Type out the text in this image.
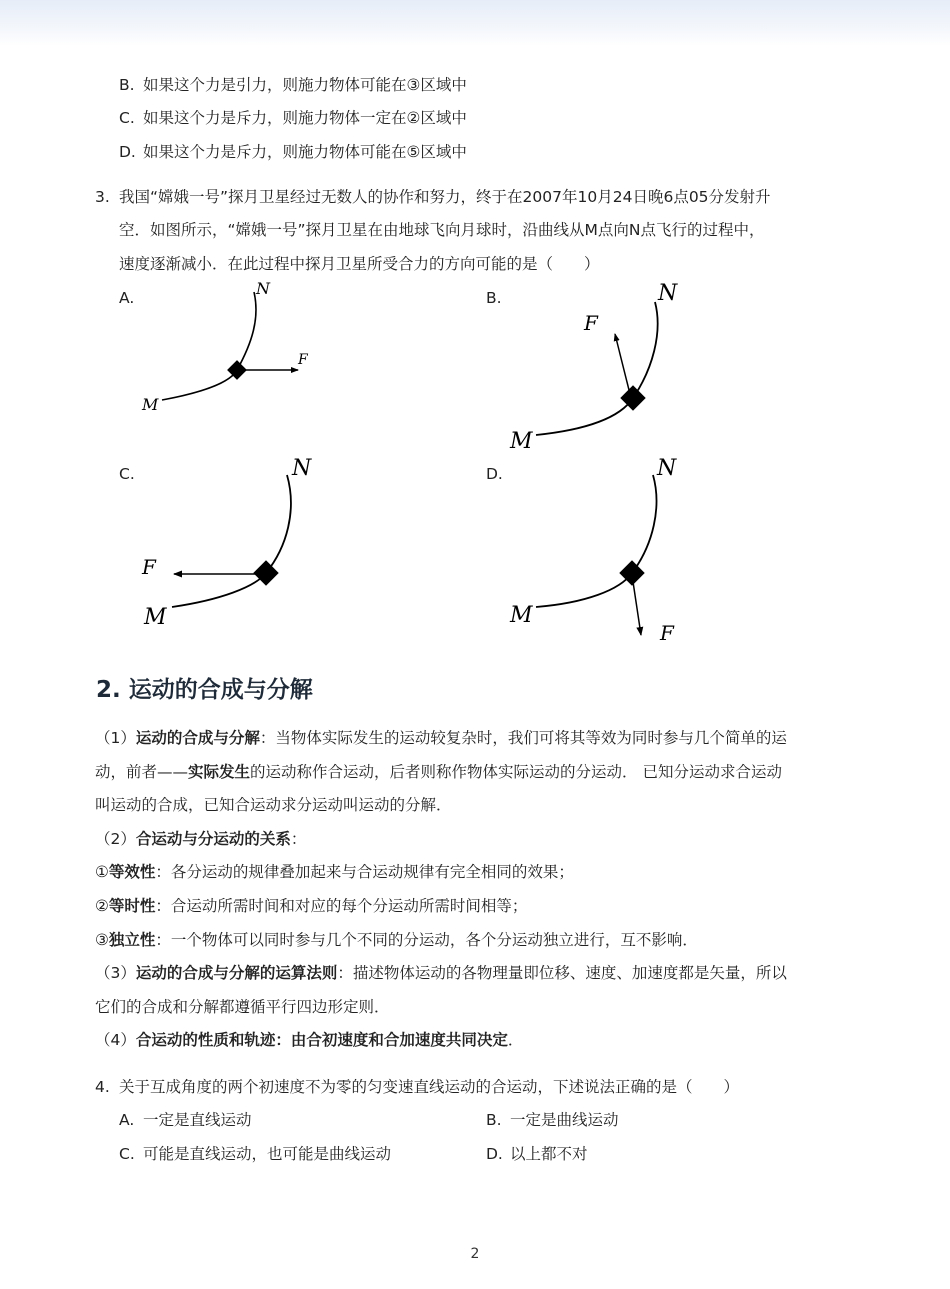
B. 如果这个力是引力，则施力物体可能在③区域中
C. 如果这个力是斥力，则施力物体一定在②区域中
D. 如果这个力是斥力，则施力物体可能在⑤区域中
3. 我国“嫦娥一号”探月卫星经过无数人的协作和努力，终于在2007年10月24日晚6点05分发射升
空．如图所示，“嫦娥一号”探月卫星在由地球飞向月球时，沿曲线从M点向N点飞行的过程中，
速度逐渐减小．在此过程中探月卫星所受合力的方向可能的是（　　）
A.	B.
C.	D.
N
M
F
N
M
F
N
M
F
N
M
F
2. 运动的合成与分解
（1）运动的合成与分解：当物体实际发生的运动较复杂时，我们可将其等效为同时参与几个简单的运
动，前者——实际发生的运动称作合运动，后者则称作物体实际运动的分运动． 已知分运动求合运动
叫运动的合成，已知合运动求分运动叫运动的分解．
（2）合运动与分运动的关系：
①等效性：各分运动的规律叠加起来与合运动规律有完全相同的效果；
②等时性：合运动所需时间和对应的每个分运动所需时间相等；
③独立性：一个物体可以同时参与几个不同的分运动，各个分运动独立进行，互不影响．
（3）运动的合成与分解的运算法则：描述物体运动的各物理量即位移、速度、加速度都是矢量，所以
它们的合成和分解都遵循平行四边形定则．
（4）合运动的性质和轨迹：由合初速度和合加速度共同决定．
4. 关于互成角度的两个初速度不为零的匀变速直线运动的合运动，下述说法正确的是（　　）
A. 一定是直线运动	B. 一定是曲线运动
C. 可能是直线运动，也可能是曲线运动	D. 以上都不对
2
